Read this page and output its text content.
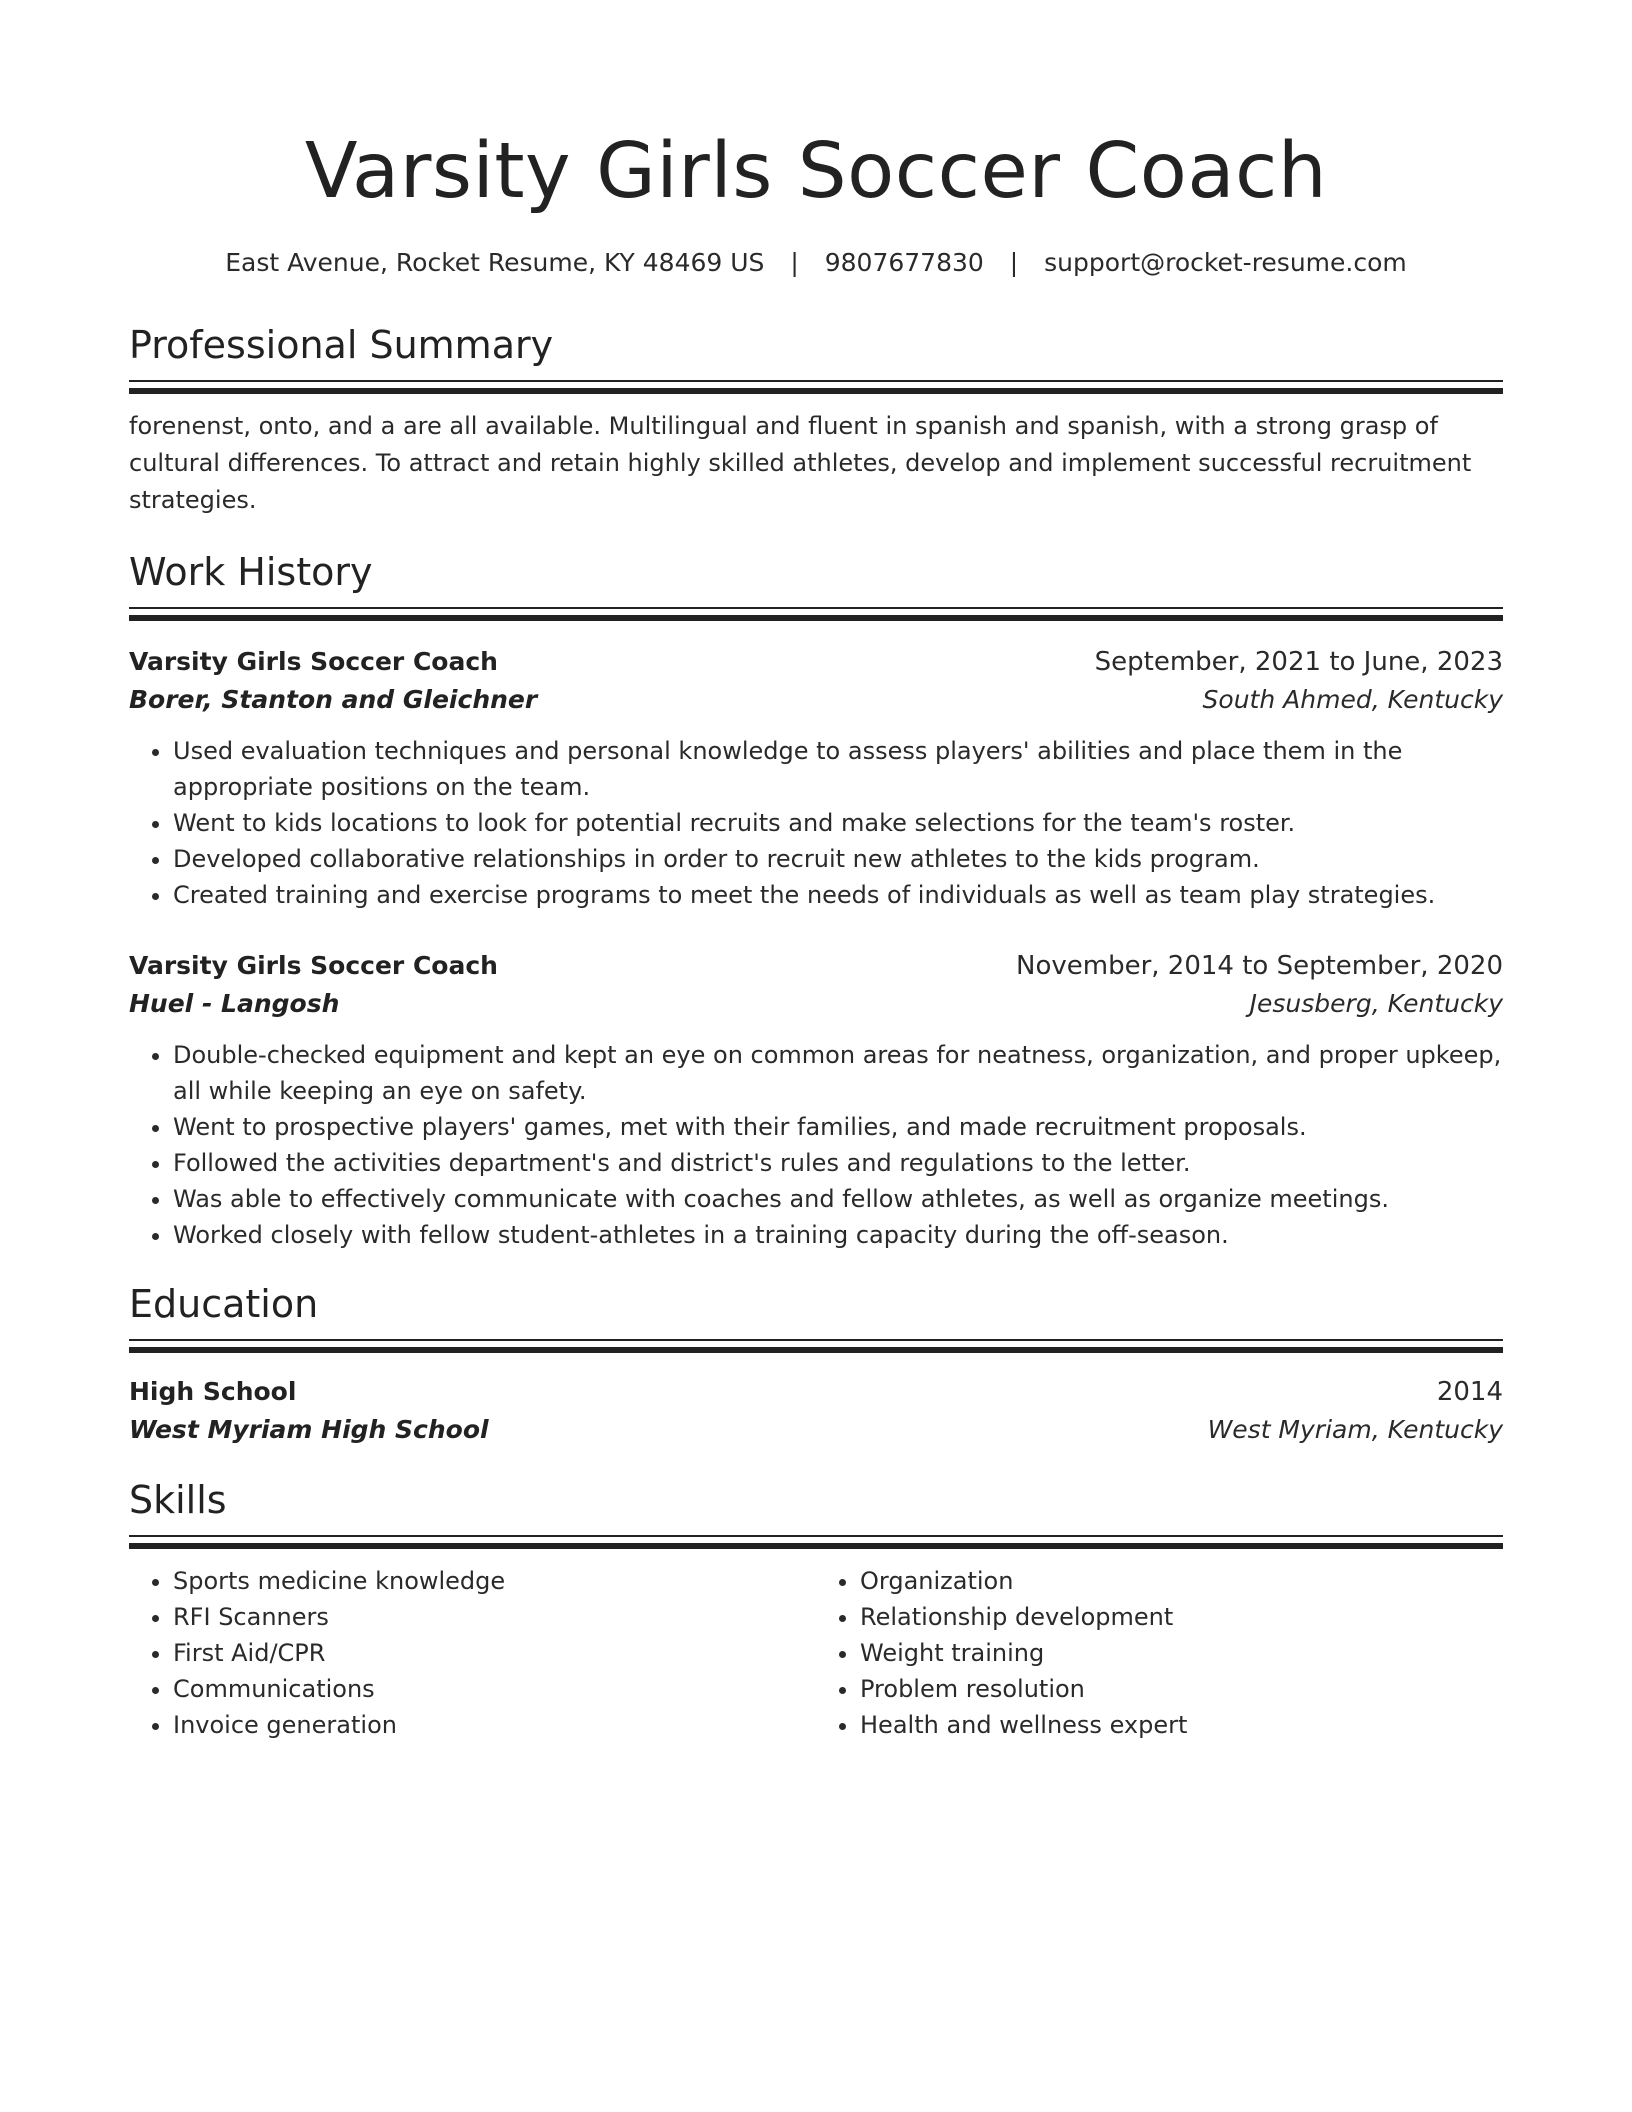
Varsity Girls Soccer Coach
East Avenue, Rocket Resume, KY 48469 US | 9807677830 | support@rocket-resume.com
Professional Summary
forenenst, onto, and a are all available. Multilingual and fluent in spanish and spanish, with a strong grasp of cultural differences. To attract and retain highly skilled athletes, develop and implement successful recruitment strategies.
Work History
Varsity Girls Soccer Coach	September, 2021 to June, 2023
Borer, Stanton and Gleichner	South Ahmed, Kentucky
• Used evaluation techniques and personal knowledge to assess players' abilities and place them in the appropriate positions on the team.
• Went to kids locations to look for potential recruits and make selections for the team's roster.
• Developed collaborative relationships in order to recruit new athletes to the kids program.
• Created training and exercise programs to meet the needs of individuals as well as team play strategies.
Varsity Girls Soccer Coach	November, 2014 to September, 2020
Huel - Langosh	Jesusberg, Kentucky
• Double-checked equipment and kept an eye on common areas for neatness, organization, and proper upkeep, all while keeping an eye on safety.
• Went to prospective players' games, met with their families, and made recruitment proposals.
• Followed the activities department's and district's rules and regulations to the letter.
• Was able to effectively communicate with coaches and fellow athletes, as well as organize meetings.
• Worked closely with fellow student-athletes in a training capacity during the off-season.
Education
High School	2014
West Myriam High School	West Myriam, Kentucky
Skills
• Sports medicine knowledge
• RFI Scanners
• First Aid/CPR
• Communications
• Invoice generation
• Organization
• Relationship development
• Weight training
• Problem resolution
• Health and wellness expert
